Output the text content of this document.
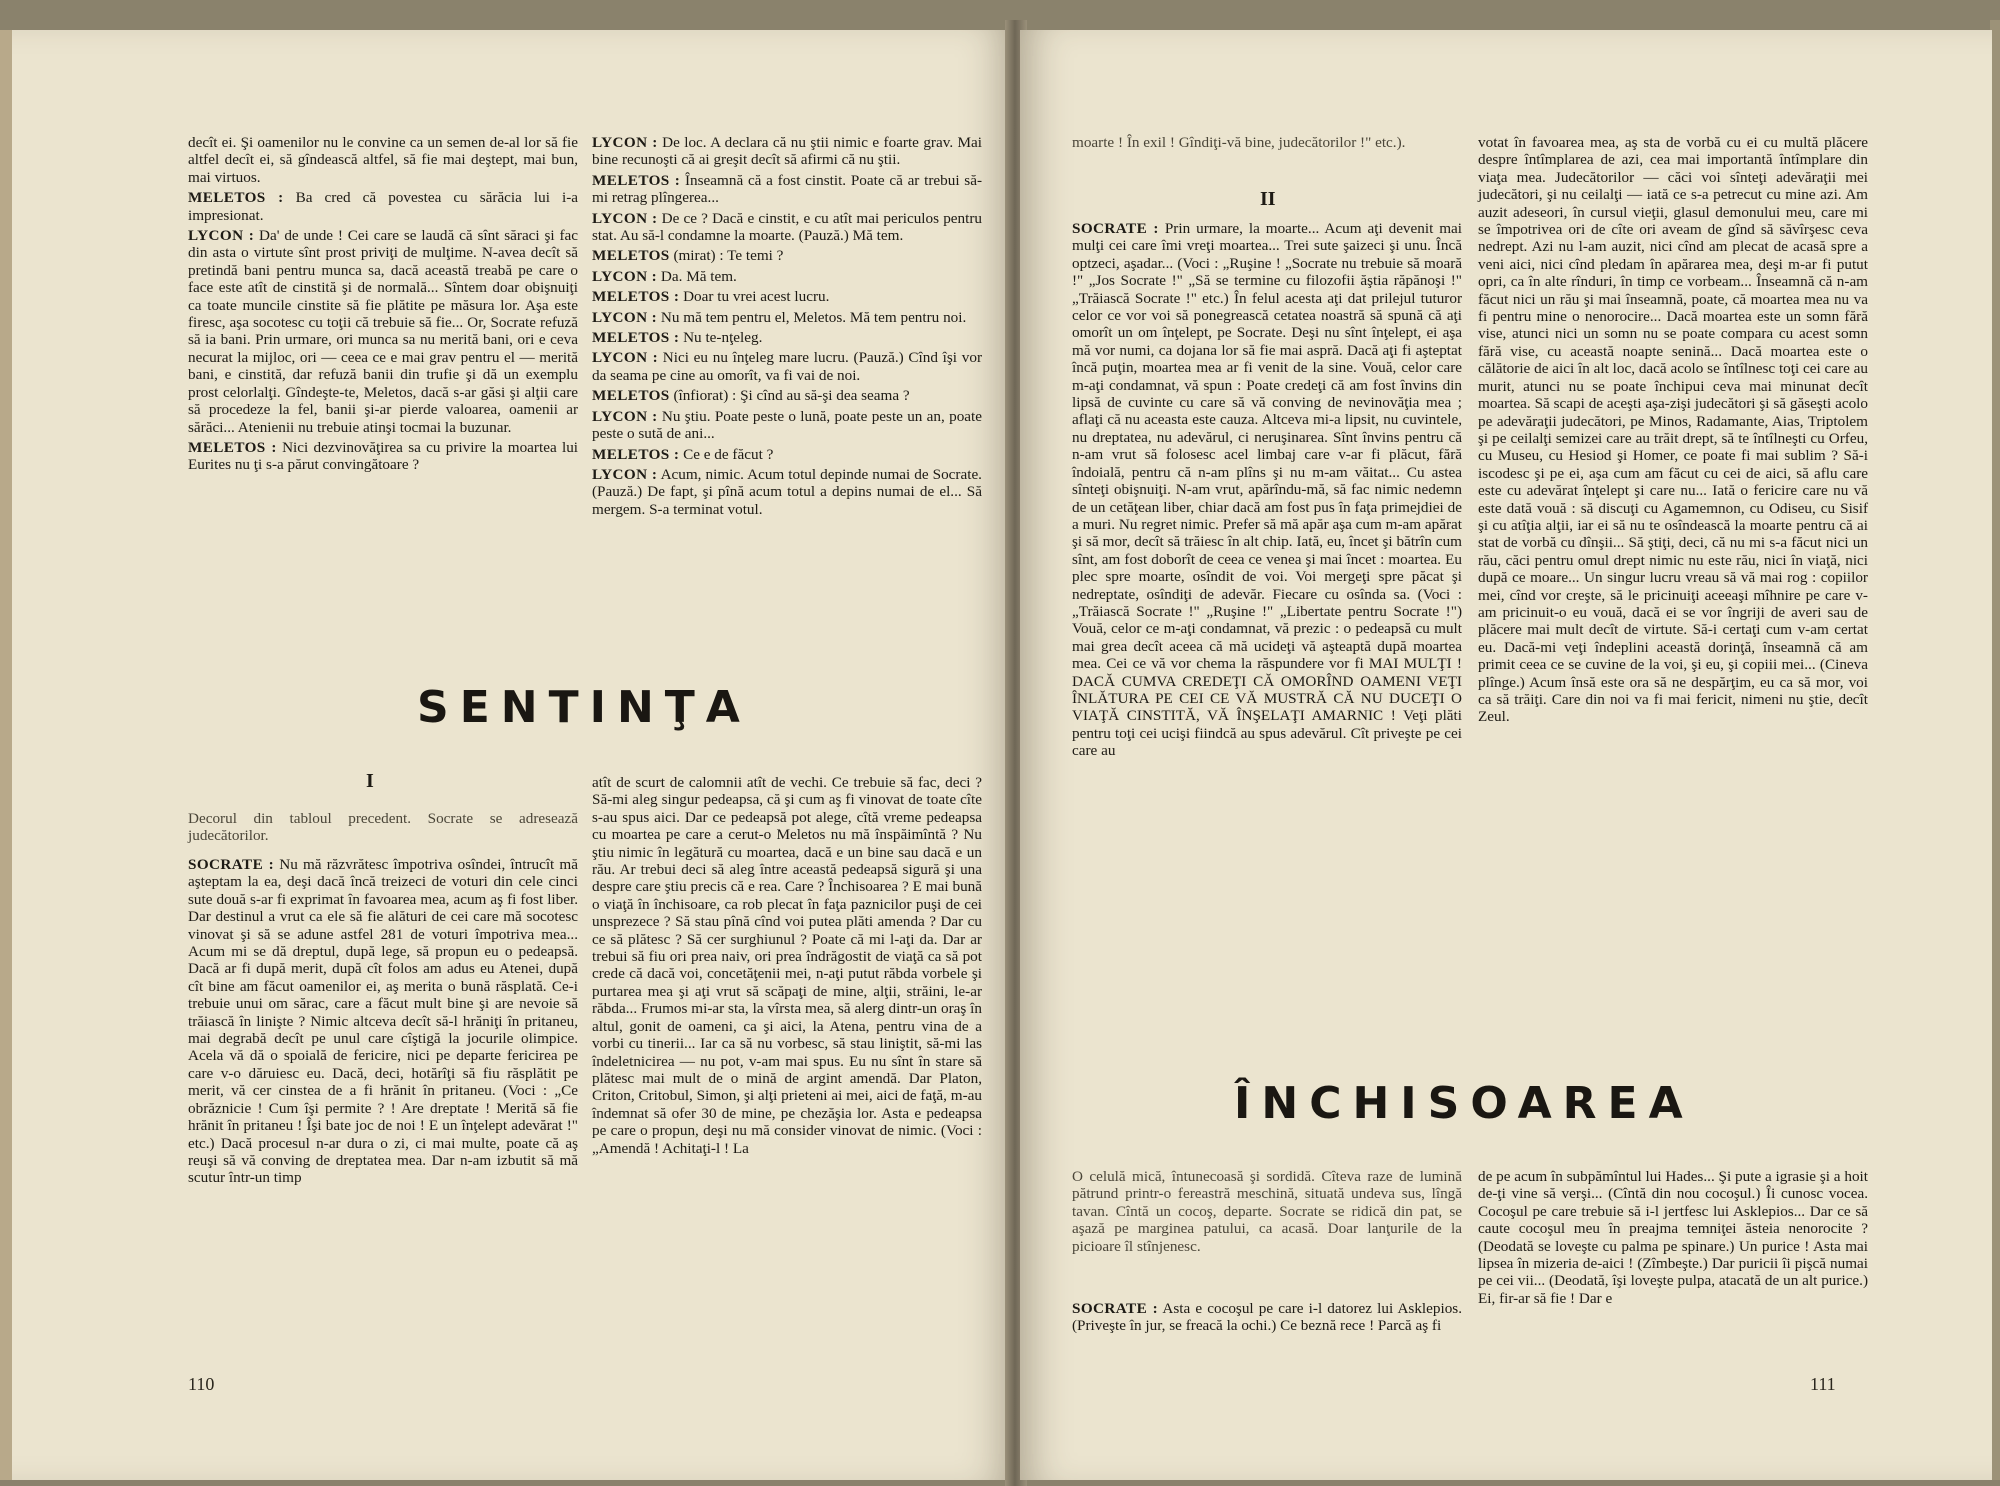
decît ei. Şi oamenilor nu le convine ca un semen de-al lor să fie altfel decît ei, să gîndească altfel, să fie mai deştept, mai bun, mai virtuos.

MELETOS : Ba cred că povestea cu sărăcia lui i-a impresionat.

LYCON : Da' de unde ! Cei care se laudă că sînt săraci şi fac din asta o virtute sînt prost priviţi de mulţime. N-avea decît să pretindă bani pentru munca sa, dacă această treabă pe care o face este atît de cinstită şi de normală... Sîntem doar obişnuiţi ca toate muncile cinstite să fie plătite pe măsura lor. Aşa este firesc, aşa socotesc cu toţii că trebuie să fie... Or, Socrate refuză să ia bani. Prin urmare, ori munca sa nu merită bani, ori e ceva necurat la mijloc, ori — ceea ce e mai grav pentru el — merită bani, e cinstită, dar refuză banii din trufie şi dă un exemplu prost celorlalţi. Gîndeşte-te, Meletos, dacă s-ar găsi şi alţii care să procedeze la fel, banii şi-ar pierde valoarea, oamenii ar sărăci... Atenienii nu trebuie atinşi tocmai la buzunar.

MELETOS : Nici dezvinovăţirea sa cu privire la moartea lui Eurites nu ţi s-a părut convingătoare ?

LYCON : De loc. A declara că nu ştii nimic e foarte grav. Mai bine recunoşti că ai greşit decît să afirmi că nu ştii.

MELETOS : Înseamnă că a fost cinstit. Poate că ar trebui să-mi retrag plîngerea...

LYCON : De ce ? Dacă e cinstit, e cu atît mai periculos pentru stat. Au să-l condamne la moarte. (Pauză.) Mă tem.

MELETOS (mirat) : Te temi ?

LYCON : Da. Mă tem.

MELETOS : Doar tu vrei acest lucru.

LYCON : Nu mă tem pentru el, Meletos. Mă tem pentru noi.

MELETOS : Nu te-nţeleg.

LYCON : Nici eu nu înţeleg mare lucru. (Pauză.) Cînd îşi vor da seama pe cine au omorît, va fi vai de noi.

MELETOS (înfiorat) : Şi cînd au să-şi dea seama ?

LYCON : Nu ştiu. Poate peste o lună, poate peste un an, poate peste o sută de ani...

MELETOS : Ce e de făcut ?

LYCON : Acum, nimic. Acum totul depinde numai de Socrate. (Pauză.) De fapt, şi pînă acum totul a depins numai de el... Să mergem. S-a terminat votul.

SENTINŢA
I

Decorul din tabloul precedent. Socrate se adresează judecătorilor.

SOCRATE : Nu mă răzvrătesc împotriva osîndei, întrucît mă aşteptam la ea, deşi dacă încă treizeci de voturi din cele cinci sute două s-ar fi exprimat în favoarea mea, acum aş fi fost liber. Dar destinul a vrut ca ele să fie alături de cei care mă socotesc vinovat şi să se adune astfel 281 de voturi împotriva mea... Acum mi se dă dreptul, după lege, să propun eu o pedeapsă. Dacă ar fi după merit, după cît folos am adus eu Atenei, după cît bine am făcut oamenilor ei, aş merita o bună răsplată. Ce-i trebuie unui om sărac, care a făcut mult bine şi are nevoie să trăiască în linişte ? Nimic altceva decît să-l hrăniţi în pritaneu, mai degrabă decît pe unul care cîştigă la jocurile olimpice. Acela vă dă o spoială de fericire, nici pe departe fericirea pe care v-o dăruiesc eu. Dacă, deci, hotărîţi să fiu răsplătit pe merit, vă cer cinstea de a fi hrănit în pritaneu. (Voci : „Ce obrăznicie ! Cum îşi permite ? ! Are dreptate ! Merită să fie hrănit în pritaneu ! Îşi bate joc de noi ! E un înţelept adevărat !" etc.) Dacă procesul n-ar dura o zi, ci mai multe, poate că aş reuşi să vă conving de dreptatea mea. Dar n-am izbutit să mă scutur într-un timp

atît de scurt de calomnii atît de vechi. Ce trebuie să fac, deci ? Să-mi aleg singur pedeapsa, că şi cum aş fi vinovat de toate cîte s-au spus aici. Dar ce pedeapsă pot alege, cîtă vreme pedeapsa cu moartea pe care a cerut-o Meletos nu mă înspăimîntă ? Nu ştiu nimic în legătură cu moartea, dacă e un bine sau dacă e un rău. Ar trebui deci să aleg între această pedeapsă sigură şi una despre care ştiu precis că e rea. Care ? Închisoarea ? E mai bună o viaţă în închisoare, ca rob plecat în faţa paznicilor puşi de cei unsprezece ? Să stau pînă cînd voi putea plăti amenda ? Dar cu ce să plătesc ? Să cer surghiunul ? Poate că mi l-aţi da. Dar ar trebui să fiu ori prea naiv, ori prea îndrăgostit de viaţă ca să pot crede că dacă voi, concetăţenii mei, n-aţi putut răbda vorbele şi purtarea mea şi aţi vrut să scăpaţi de mine, alţii, străini, le-ar răbda... Frumos mi-ar sta, la vîrsta mea, să alerg dintr-un oraş în altul, gonit de oameni, ca şi aici, la Atena, pentru vina de a vorbi cu tinerii... Iar ca să nu vorbesc, să stau liniştit, să-mi las îndeletnicirea — nu pot, v-am mai spus. Eu nu sînt în stare să plătesc mai mult de o mină de argint amendă. Dar Platon, Criton, Critobul, Simon, şi alţi prieteni ai mei, aici de faţă, m-au îndemnat să ofer 30 de mine, pe chezăşia lor. Asta e pedeapsa pe care o propun, deşi nu mă consider vinovat de nimic. (Voci : „Amendă ! Achitaţi-l ! La

110

moarte ! În exil ! Gîndiţi-vă bine, judecătorilor !" etc.).

II

SOCRATE : Prin urmare, la moarte... Acum aţi devenit mai mulţi cei care îmi vreţi moartea... Trei sute şaizeci şi unu. Încă optzeci, aşadar... (Voci : „Ruşine ! „Socrate nu trebuie să moară !" „Jos Socrate !" „Să se termine cu filozofii ăştia răpănoşi !" „Trăiască Socrate !" etc.) În felul acesta aţi dat prilejul tuturor celor ce vor voi să ponegrească cetatea noastră să spună că aţi omorît un om înţelept, pe Socrate. Deşi nu sînt înţelept, ei aşa mă vor numi, ca dojana lor să fie mai aspră. Dacă aţi fi aşteptat încă puţin, moartea mea ar fi venit de la sine. Vouă, celor care m-aţi condamnat, vă spun : Poate credeţi că am fost învins din lipsă de cuvinte cu care să vă conving de nevinovăţia mea ; aflaţi că nu aceasta este cauza. Altceva mi-a lipsit, nu cuvintele, nu dreptatea, nu adevărul, ci neruşinarea. Sînt învins pentru că n-am vrut să folosesc acel limbaj care v-ar fi plăcut, fără îndoială, pentru că n-am plîns şi nu m-am văitat... Cu astea sînteţi obişnuiţi. N-am vrut, apărîndu-mă, să fac nimic nedemn de un cetăţean liber, chiar dacă am fost pus în faţa primejdiei de a muri. Nu regret nimic. Prefer să mă apăr aşa cum m-am apărat şi să mor, decît să trăiesc în alt chip. Iată, eu, încet şi bătrîn cum sînt, am fost doborît de ceea ce venea şi mai încet : moartea. Eu plec spre moarte, osîndit de voi. Voi mergeţi spre păcat şi nedreptate, osîndiţi de adevăr. Fiecare cu osînda sa. (Voci : „Trăiască Socrate !" „Ruşine !" „Libertate pentru Socrate !") Vouă, celor ce m-aţi condamnat, vă prezic : o pedeapsă cu mult mai grea decît aceea că mă ucideţi vă aşteaptă după moartea mea. Cei ce vă vor chema la răspundere vor fi MAI MULŢI ! DACĂ CUMVA CREDEŢI CĂ OMORÎND OAMENI VEŢI ÎNLĂTURA PE CEI CE VĂ MUSTRĂ CĂ NU DUCEŢI O VIAŢĂ CINSTITĂ, VĂ ÎNŞELAŢI AMARNIC ! Veţi plăti pentru toţi cei ucişi fiindcă au spus adevărul. Cît priveşte pe cei care au

votat în favoarea mea, aş sta de vorbă cu ei cu multă plăcere despre întîmplarea de azi, cea mai importantă întîmplare din viaţa mea. Judecătorilor — căci voi sînteţi adevăraţii mei judecători, şi nu ceilalţi — iată ce s-a petrecut cu mine azi. Am auzit adeseori, în cursul vieţii, glasul demonului meu, care mi se împotrivea ori de cîte ori aveam de gînd să săvîrşesc ceva nedrept. Azi nu l-am auzit, nici cînd am plecat de acasă spre a veni aici, nici cînd pledam în apărarea mea, deşi m-ar fi putut opri, ca în alte rînduri, în timp ce vorbeam... Înseamnă că n-am făcut nici un rău şi mai înseamnă, poate, că moartea mea nu va fi pentru mine o nenorocire... Dacă moartea este un somn fără vise, atunci nici un somn nu se poate compara cu acest somn fără vise, cu această noapte senină... Dacă moartea este o călătorie de aici în alt loc, dacă acolo se întîlnesc toţi cei care au murit, atunci nu se poate închipui ceva mai minunat decît moartea. Să scapi de aceşti aşa-zişi judecători şi să găseşti acolo pe adevăraţii judecători, pe Minos, Radamante, Aias, Triptolem şi pe ceilalţi semizei care au trăit drept, să te întîlneşti cu Orfeu, cu Museu, cu Hesiod şi Homer, ce poate fi mai sublim ? Să-i iscodesc şi pe ei, aşa cum am făcut cu cei de aici, să aflu care este cu adevărat înţelept şi care nu... Iată o fericire care nu vă este dată vouă : să discuţi cu Agamemnon, cu Odiseu, cu Sisif şi cu atîţia alţii, iar ei să nu te osîndească la moarte pentru că ai stat de vorbă cu dînşii... Să ştiţi, deci, că nu mi s-a făcut nici un rău, căci pentru omul drept nimic nu este rău, nici în viaţă, nici după ce moare... Un singur lucru vreau să vă mai rog : copiilor mei, cînd vor creşte, să le pricinuiţi aceeaşi mîhnire pe care v-am pricinuit-o eu vouă, dacă ei se vor îngriji de averi sau de plăcere mai mult decît de virtute. Să-i certaţi cum v-am certat eu. Dacă-mi veţi îndeplini această dorinţă, înseamnă că am primit ceea ce se cuvine de la voi, şi eu, şi copiii mei... (Cineva plînge.) Acum însă este ora să ne despărţim, eu ca să mor, voi ca să trăiţi. Care din noi va fi mai fericit, nimeni nu ştie, decît Zeul.

ÎNCHISOAREA

O celulă mică, întunecoasă şi sordidă. Cîteva raze de lumină pătrund printr-o fereastră meschină, situată undeva sus, lîngă tavan. Cîntă un cocoş, departe. Socrate se ridică din pat, se aşază pe marginea patului, ca acasă. Doar lanţurile de la picioare îl stînjenesc.

SOCRATE : Asta e cocoşul pe care i-l datorez lui Asklepios. (Priveşte în jur, se freacă la ochi.) Ce beznă rece ! Parcă aş fi

de pe acum în subpămîntul lui Hades... Şi pute a igrasie şi a hoit de-ţi vine să verşi... (Cîntă din nou cocoşul.) Îi cunosc vocea. Cocoşul pe care trebuie să i-l jertfesc lui Asklepios... Dar ce să caute cocoşul meu în preajma temniţei ăsteia nenorocite ? (Deodată se loveşte cu palma pe spinare.) Un purice ! Asta mai lipsea în mizeria de-aici ! (Zîmbeşte.) Dar puricii îi pişcă numai pe cei vii... (Deodată, îşi loveşte pulpa, atacată de un alt purice.) Ei, fir-ar să fie ! Dar e

111
